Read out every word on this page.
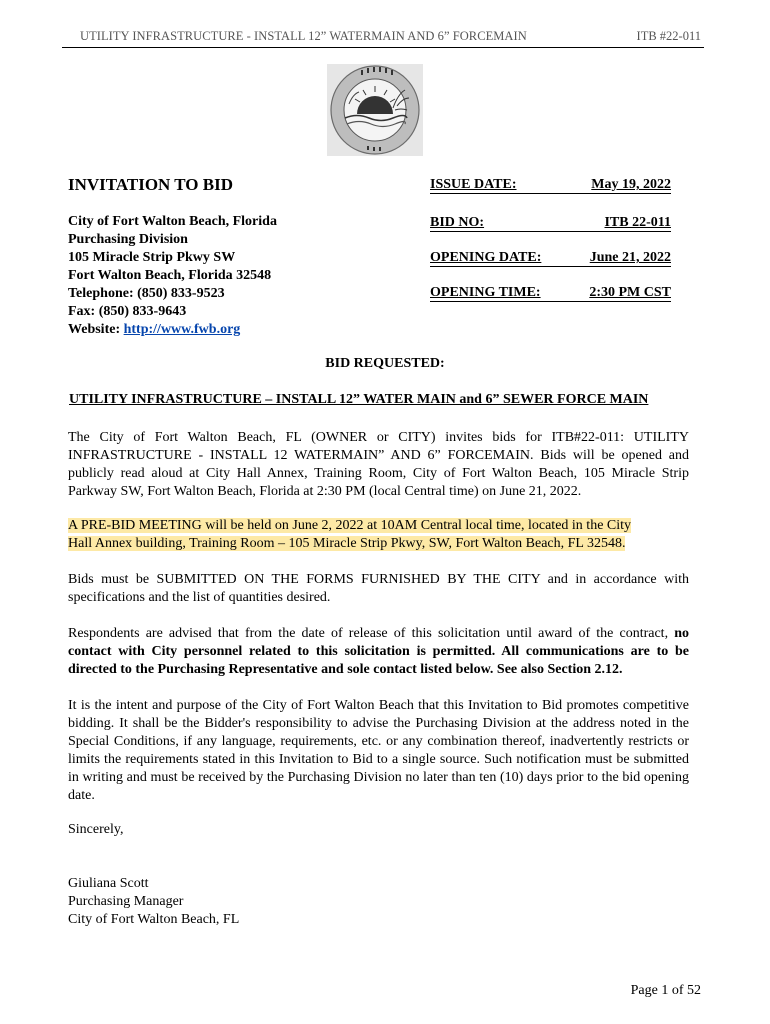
UTILITY INFRASTRUCTURE - INSTALL 12” WATERMAIN AND 6” FORCEMAIN	ITB #22-011
INVITATION TO BID
City of Fort Walton Beach, Florida
Purchasing Division
105 Miracle Strip Pkwy SW
Fort Walton Beach, Florida 32548
Telephone: (850) 833-9523
Fax: (850) 833-9643
Website: http://www.fwb.org
ISSUE DATE:	May 19, 2022
BID NO:	ITB 22-011
OPENING DATE:	June 21, 2022
OPENING TIME:	2:30 PM CST
BID REQUESTED:
UTILITY INFRASTRUCTURE – INSTALL 12” WATER MAIN and 6” SEWER FORCE MAIN
The City of Fort Walton Beach, FL (OWNER or CITY) invites bids for ITB#22-011: UTILITY INFRASTRUCTURE - INSTALL 12 WATERMAIN” AND 6” FORCEMAIN. Bids will be opened and publicly read aloud at City Hall Annex, Training Room, City of Fort Walton Beach, 105 Miracle Strip Parkway SW, Fort Walton Beach, Florida at 2:30 PM (local Central time) on June 21, 2022.
A PRE-BID MEETING will be held on June 2, 2022 at 10AM Central local time, located in the City
Hall Annex building, Training Room – 105 Miracle Strip Pkwy, SW, Fort Walton Beach, FL 32548.
Bids must be SUBMITTED ON THE FORMS FURNISHED BY THE CITY and in accordance with specifications and the list of quantities desired.
Respondents are advised that from the date of release of this solicitation until award of the contract, no contact with City personnel related to this solicitation is permitted. All communications are to be directed to the Purchasing Representative and sole contact listed below. See also Section 2.12.
It is the intent and purpose of the City of Fort Walton Beach that this Invitation to Bid promotes competitive bidding. It shall be the Bidder's responsibility to advise the Purchasing Division at the address noted in the Special Conditions, if any language, requirements, etc. or any combination thereof, inadvertently restricts or limits the requirements stated in this Invitation to Bid to a single source. Such notification must be submitted in writing and must be received by the Purchasing Division no later than ten (10) days prior to the bid opening date.
Sincerely,
Giuliana Scott
Purchasing Manager
City of Fort Walton Beach, FL
Page 1 of 52
